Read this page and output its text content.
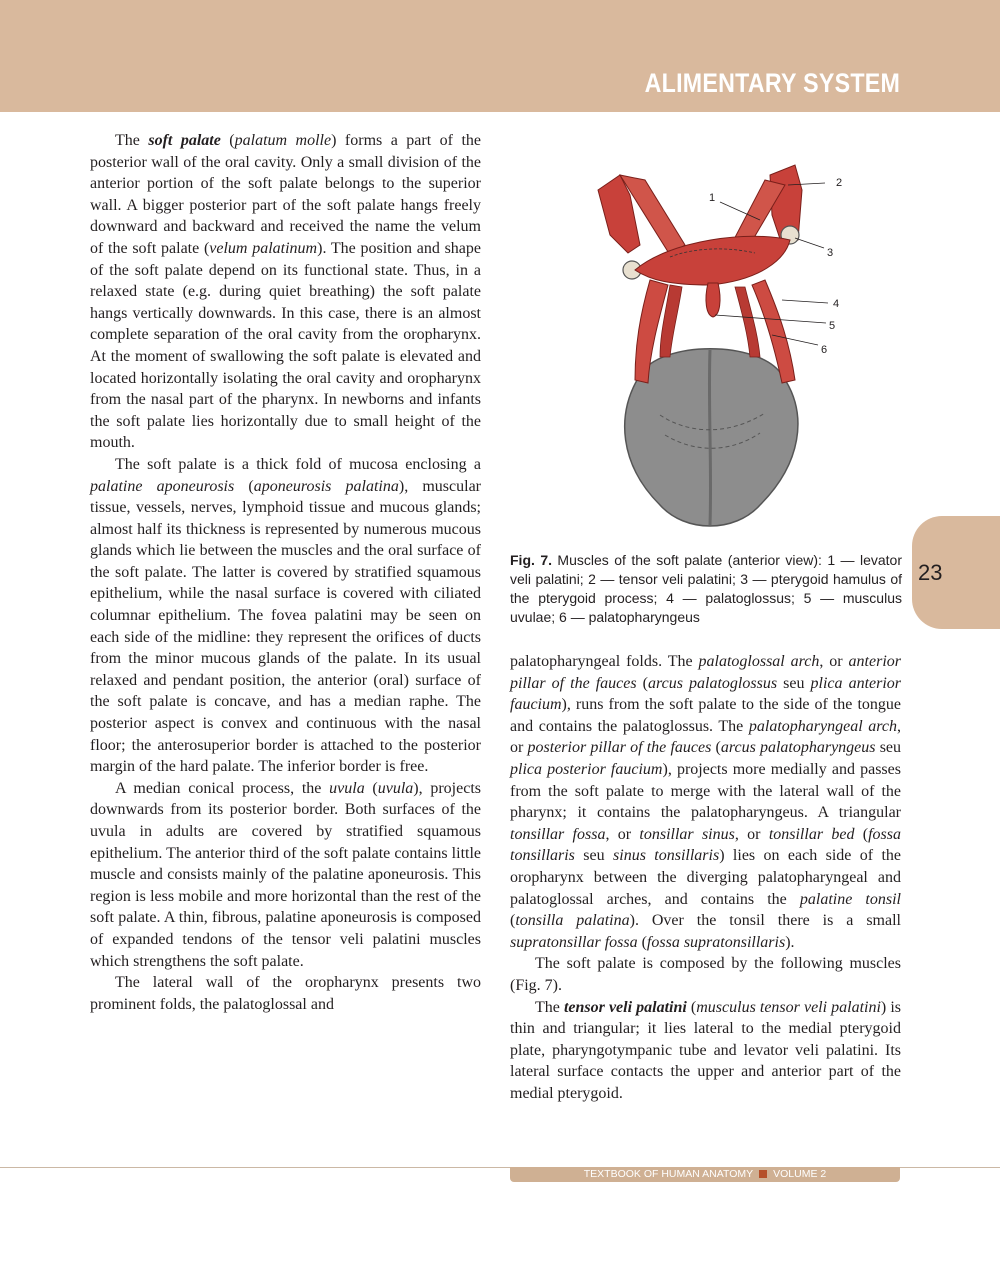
ALIMENTARY SYSTEM
23

The soft palate (palatum molle) forms a part of the posterior wall of the oral cavity. Only a small division of the anterior portion of the soft palate belongs to the superior wall. A bigger posterior part of the soft palate hangs freely downward and backward and received the name the velum of the soft palate (velum palatinum). The position and shape of the soft palate depend on its functional state. Thus, in a relaxed state (e.g. during quiet breathing) the soft palate hangs vertically downwards. In this case, there is an almost complete separation of the oral cavity from the oropharynx. At the moment of swallowing the soft palate is elevated and located horizontally isolating the oral cavity and oropharynx from the nasal part of the pharynx. In newborns and infants the soft palate lies horizontally due to small height of the mouth.

The soft palate is a thick fold of mucosa enclosing a palatine aponeurosis (aponeurosis palatina), muscular tissue, vessels, nerves, lymphoid tissue and mucous glands; almost half its thickness is represented by numerous mucous glands which lie between the muscles and the oral surface of the soft palate. The latter is covered by stratified squamous epithelium, while the nasal surface is covered with ciliated columnar epithelium. The fovea palatini may be seen on each side of the midline: they represent the orifices of ducts from the minor mucous glands of the palate. In its usual relaxed and pendant position, the anterior (oral) surface of the soft palate is concave, and has a median raphe. The posterior aspect is convex and continuous with the nasal floor; the anterosuperior border is attached to the posterior margin of the hard palate. The inferior border is free.

A median conical process, the uvula (uvula), projects downwards from its posterior border. Both surfaces of the uvula in adults are covered by stratified squamous epithelium. The anterior third of the soft palate contains little muscle and consists mainly of the palatine aponeurosis. This region is less mobile and more horizontal than the rest of the soft palate. A thin, fibrous, palatine aponeurosis is composed of expanded tendons of the tensor veli palatini muscles which strengthens the soft palate.

The lateral wall of the oropharynx presents two prominent folds, the palatoglossal and

1
2
3
4
5
6
Fig. 7. Muscles of the soft palate (anterior view): 1 — levator veli palatini; 2 — tensor veli palatini; 3 — pterygoid hamulus of the pterygoid process; 4 — palatoglossus; 5 — musculus uvulae; 6 — palatopharyngeus

palatopharyngeal folds. The palatoglossal arch, or anterior pillar of the fauces (arcus palatoglossus seu plica anterior faucium), runs from the soft palate to the side of the tongue and contains the palatoglossus. The palatopharyngeal arch, or posterior pillar of the fauces (arcus palatopharyngeus seu plica posterior faucium), projects more medially and passes from the soft palate to merge with the lateral wall of the pharynx; it contains the palatopharyngeus. A triangular tonsillar fossa, or tonsillar sinus, or tonsillar bed (fossa tonsillaris seu sinus tonsillaris) lies on each side of the oropharynx between the diverging palatopharyngeal and palatoglossal arches, and contains the palatine tonsil (tonsilla palatina). Over the tonsil there is a small supratonsillar fossa (fossa supratonsillaris).

The soft palate is composed by the following muscles (Fig. 7).

The tensor veli palatini (musculus tensor veli palatini) is thin and triangular; it lies lateral to the medial pterygoid plate, pharyngotympanic tube and levator veli palatini. Its lateral surface contacts the upper and anterior part of the medial pterygoid.

TEXTBOOK OF HUMAN ANATOMY VOLUME 2
